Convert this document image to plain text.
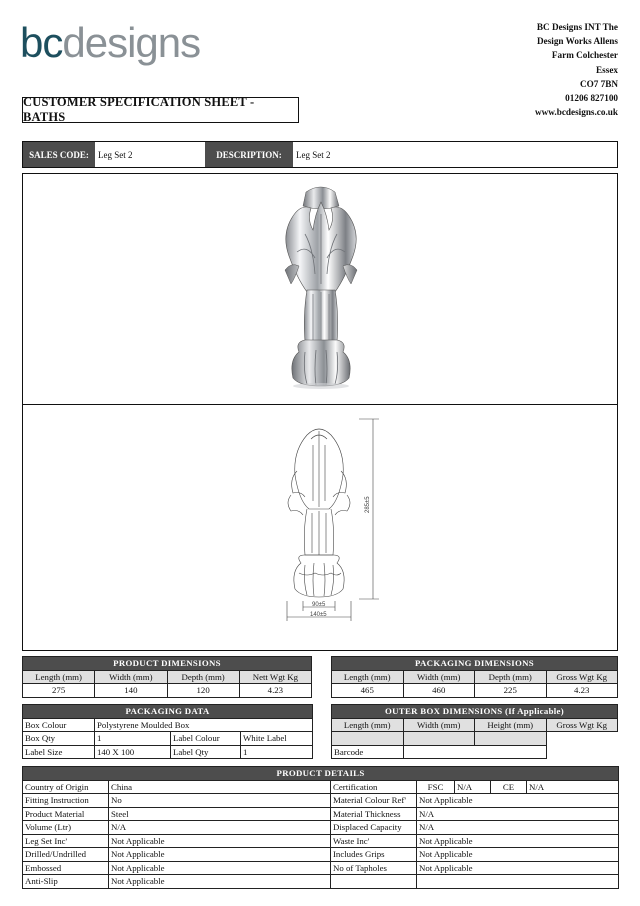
bcdesigns	BC Designs INT The
Design Works Allens
Farm Colchester
Essex
CO7 7BN
01206 827100
www.bcdesigns.co.uk
CUSTOMER SPECIFICATION SHEET - BATHS
SALES CODE:	Leg Set 2	DESCRIPTION:	Leg Set 2
285±5
90±5
140±5
PRODUCT DIMENSIONS			
Length (mm)	Width (mm)	Depth (mm)	Nett Wgt Kg
275	140	120	4.23
PACKAGING DIMENSIONS			
Length (mm)	Width (mm)	Depth (mm)	Gross Wgt Kg
465	460	225	4.23
PACKAGING DATA			
Box Colour	Polystyrene Moulded Box		
Box Qty	1	Label Colour	White Label
Label Size	140 X 100	Label Qty	1
OUTER BOX DIMENSIONS (If Applicable)			
Length (mm)	Width (mm)	Height (mm)	Gross Wgt Kg

Barcode			
PRODUCT DETAILS						
Country of Origin	China	Certification	FSC	N/A	CE	N/A
Fitting Instruction	No	Material Colour Ref'	Not Applicable			
Product Material	Steel	Material Thickness	N/A			
Volume (Ltr)	N/A	Displaced Capacity	N/A			
Leg Set Inc'	Not Applicable	Waste Inc'	Not Applicable			
Drilled/Undrilled	Not Applicable	Includes Grips	Not Applicable			
Embossed	Not Applicable	No of Tapholes	Not Applicable			
Anti-Slip	Not Applicable					
